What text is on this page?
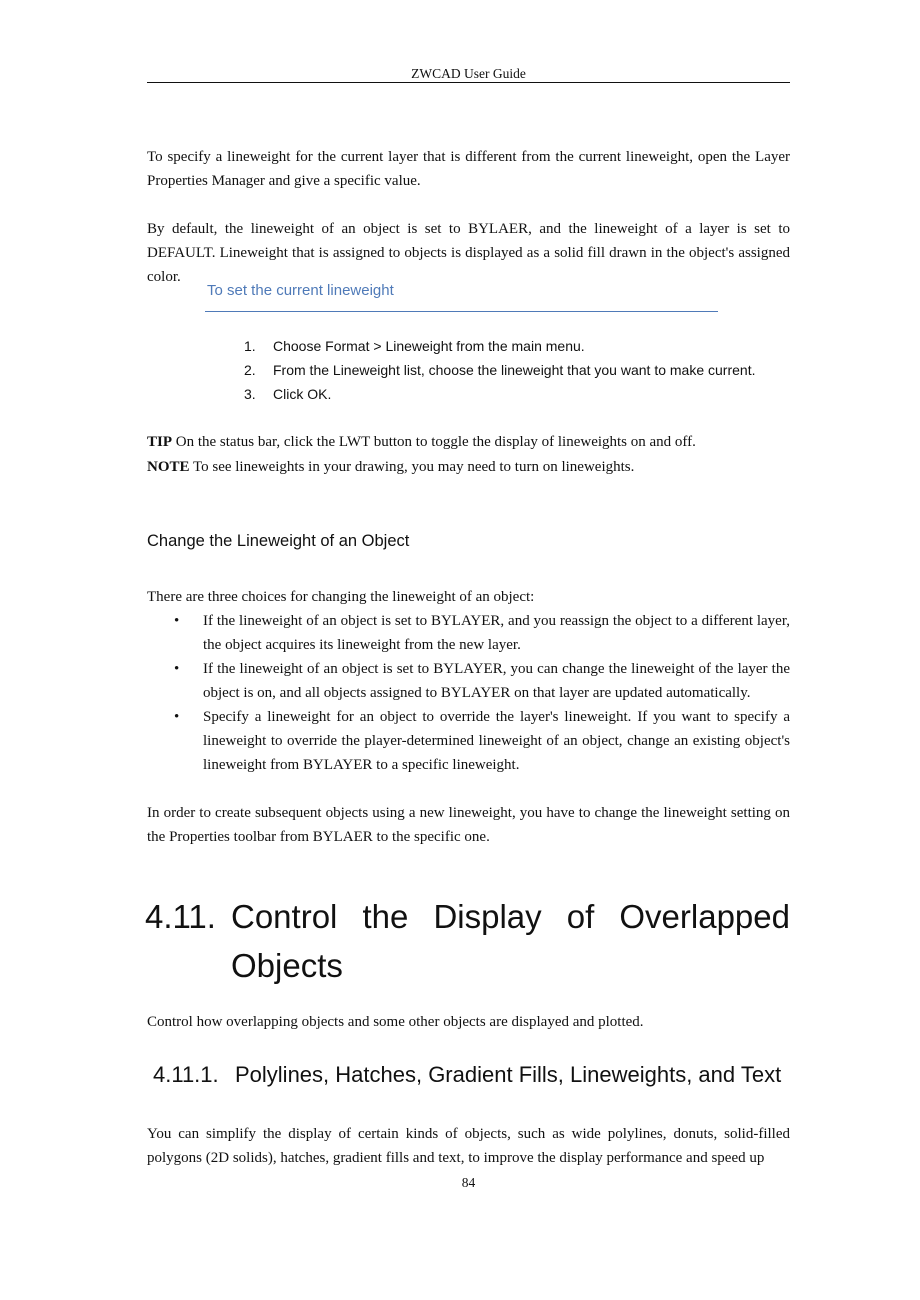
ZWCAD User Guide

To specify a lineweight for the current layer that is different from the current lineweight, open the Layer Properties Manager and give a specific value.

By default, the lineweight of an object is set to BYLAER, and the lineweight of a layer is set to DEFAULT. Lineweight that is assigned to objects is displayed as a solid fill drawn in the object's assigned color.

To set the current lineweight
1.	Choose Format > Lineweight from the main menu.
2.	From the Lineweight list, choose the lineweight that you want to make current.
3.	Click OK.
TIP On the status bar, click the LWT button to toggle the display of lineweights on and off.
NOTE To see lineweights in your drawing, you may need to turn on lineweights.
Change the Lineweight of an Object

There are three choices for changing the lineweight of an object:

• If the lineweight of an object is set to BYLAYER, and you reassign the object to a different layer, the object acquires its lineweight from the new layer.
• If the lineweight of an object is set to BYLAYER, you can change the lineweight of the layer the object is on, and all objects assigned to BYLAYER on that layer are updated automatically.
• Specify a lineweight for an object to override the layer's lineweight. If you want to specify a lineweight to override the player-determined lineweight of an object, change an existing object's lineweight from BYLAYER to a specific lineweight.

In order to create subsequent objects using a new lineweight, you have to change the lineweight setting on the Properties toolbar from BYLAER to the specific one.

4.11. Control the Display of Overlapped Objects

Control how overlapping objects and some other objects are displayed and plotted.

4.11.1. Polylines, Hatches, Gradient Fills, Lineweights, and Text

You can simplify the display of certain kinds of objects, such as wide polylines, donuts, solid-filled polygons (2D solids), hatches, gradient fills and text, to improve the display performance and speed up

84
